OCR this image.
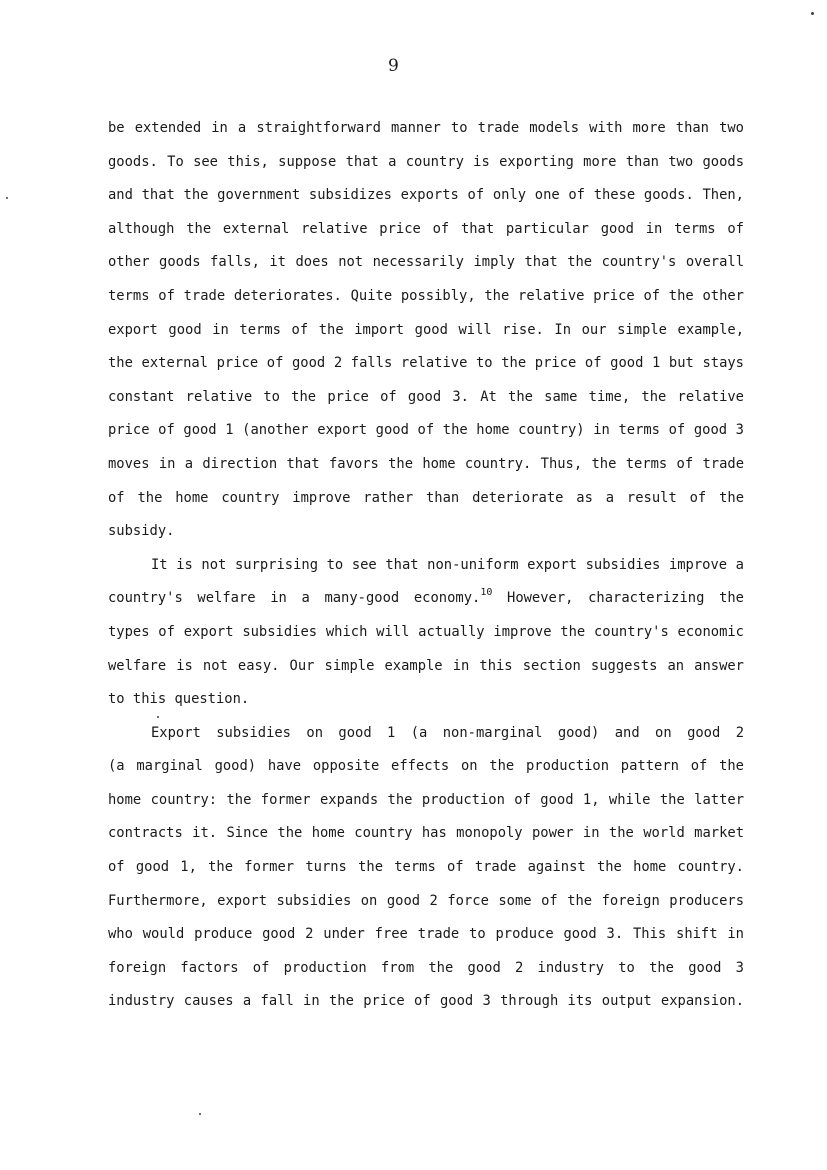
9
be extended in a straightforward manner to trade models with more than two
goods. To see this, suppose that a country is exporting more than two goods
and that the government subsidizes exports of only one of these goods. Then,
although the external relative price of that particular good in terms of
other goods falls, it does not necessarily imply that the country's overall
terms of trade deteriorates. Quite possibly, the relative price of the other
export good in terms of the import good will rise. In our simple example,
the external price of good 2 falls relative to the price of good 1 but stays
constant relative to the price of good 3. At the same time, the relative
price of good 1 (another export good of the home country) in terms of good 3
moves in a direction that favors the home country. Thus, the terms of trade
of the home country improve rather than deteriorate as a result of the
subsidy.
It is not surprising to see that non-uniform export subsidies improve a
country's welfare in a many-good economy.$^{10}$ However, characterizing the
types of export subsidies which will actually improve the country's economic
welfare is not easy. Our simple example in this section suggests an answer
to this question.
Export subsidies on good 1 (a non-marginal good) and on good 2
(a marginal good) have opposite effects on the production pattern of the
home country: the former expands the production of good 1, while the latter
contracts it. Since the home country has monopoly power in the world market
of good 1, the former turns the terms of trade against the home country.
Furthermore, export subsidies on good 2 force some of the foreign producers
who would produce good 2 under free trade to produce good 3. This shift in
foreign factors of production from the good 2 industry to the good 3
industry causes a fall in the price of good 3 through its output expansion.
